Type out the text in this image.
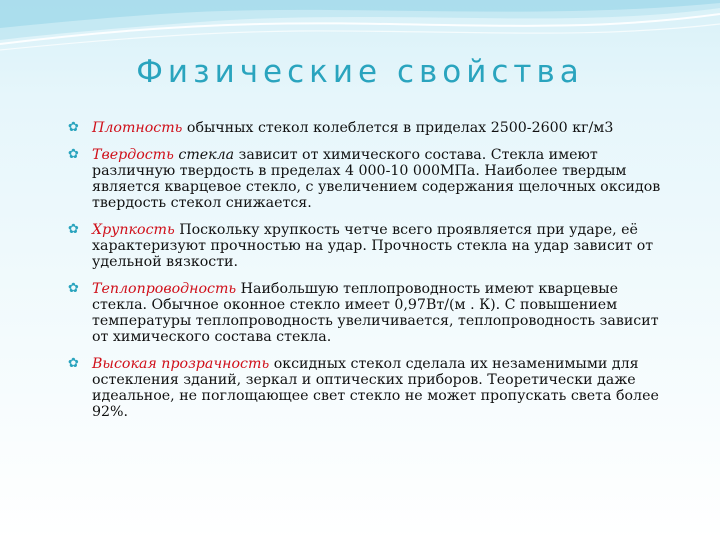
Физические свойства
✿ Плотность обычных стекол колеблется в приделах 2500-2600 кг/м3
✿ Твердость стекла зависит от химического состава. Стекла имеют различную твердость в пределах 4 000-10 000МПа. Наиболее твердым является кварцевое стекло, с увеличением содержания щелочных оксидов твердость стекол снижается.
✿ Хрупкость Поскольку хрупкость четче всего проявляется при ударе, её характеризуют прочностью на удар. Прочность стекла на удар зависит от удельной вязкости.
✿ Теплопроводность Наибольшую теплопроводность имеют кварцевые стекла. Обычное оконное стекло имеет 0,97Вт/(м . К). С повышением температуры теплопроводность увеличивается, теплопроводность зависит от химического состава стекла.
✿ Высокая прозрачность оксидных стекол сделала их незаменимыми для остекления зданий, зеркал и оптических приборов. Теоретически даже идеальное, не поглощающее свет стекло не может пропускать света более 92%.
